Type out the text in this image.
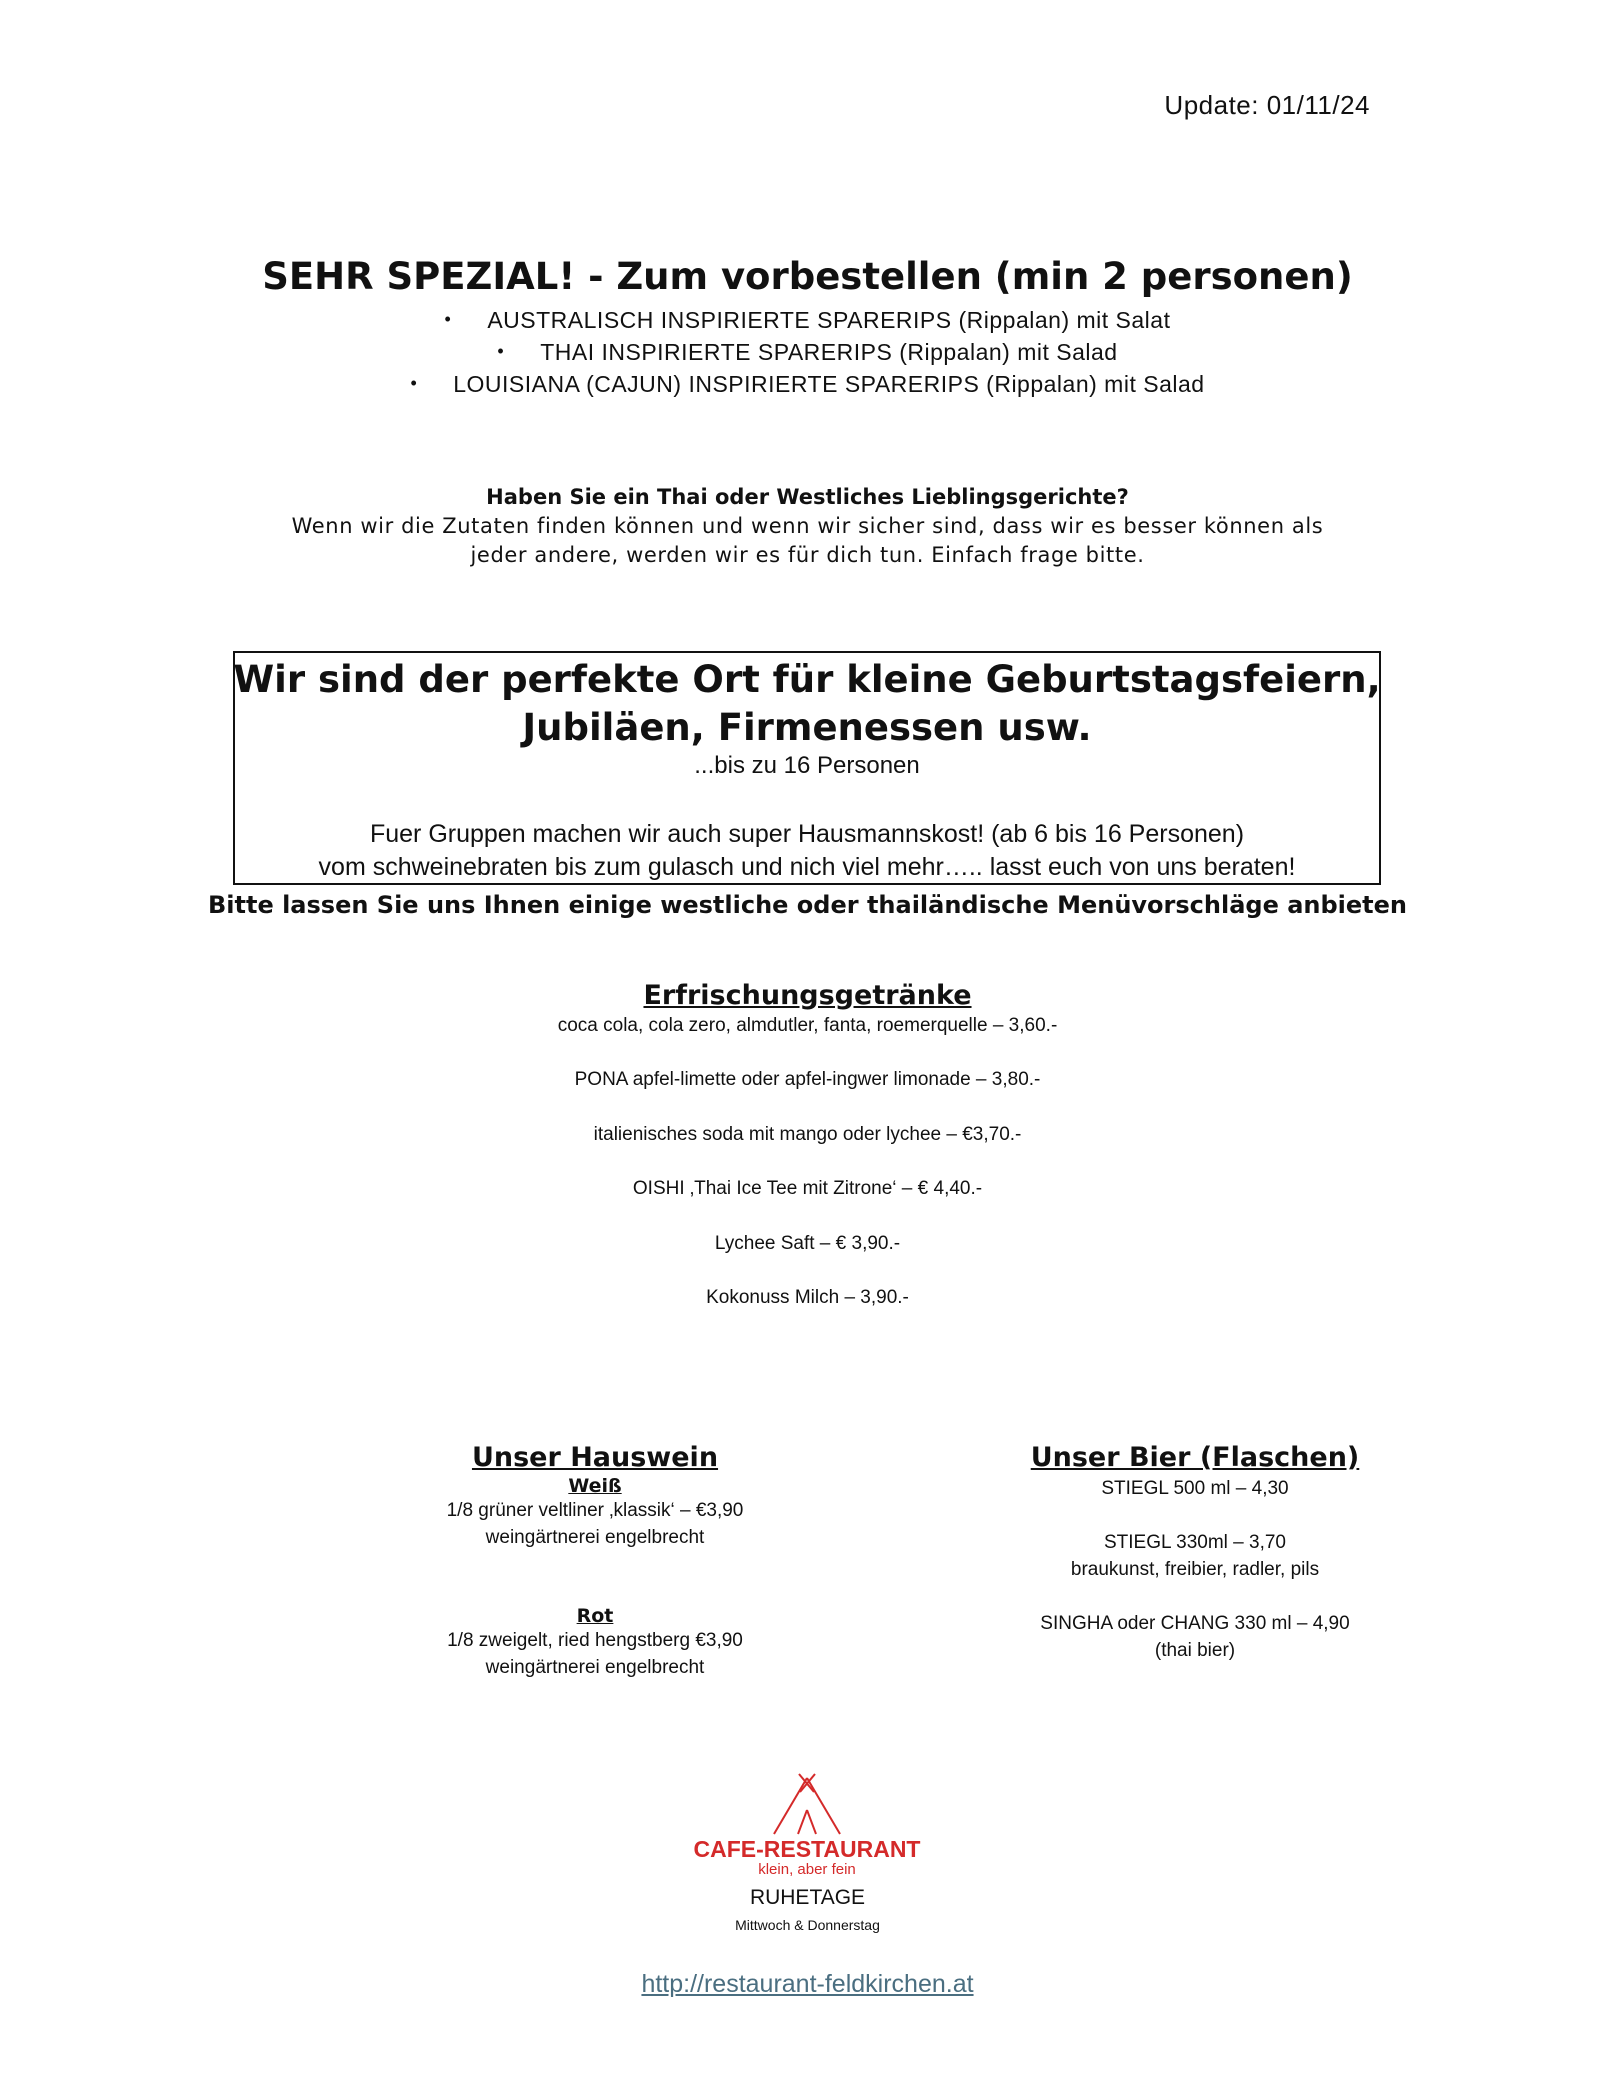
Update: 01/11/24
SEHR SPEZIAL! - Zum vorbestellen (min 2 personen)
• AUSTRALISCH INSPIRIERTE SPARERIPS (Rippalan) mit Salat
• THAI INSPIRIERTE SPARERIPS (Rippalan) mit Salad
• LOUISIANA (CAJUN) INSPIRIERTE SPARERIPS (Rippalan) mit Salad
Haben Sie ein Thai oder Westliches Lieblingsgerichte?
Wenn wir die Zutaten finden können und wenn wir sicher sind, dass wir es besser können als jeder andere, werden wir es für dich tun. Einfach frage bitte.
Wir sind der perfekte Ort für kleine Geburtstagsfeiern,
Jubiläen, Firmenessen usw.
...bis zu 16 Personen
Fuer Gruppen machen wir auch super Hausmannskost! (ab 6 bis 16 Personen)
vom schweinebraten bis zum gulasch und nich viel mehr….. lasst euch von uns beraten!
Bitte lassen Sie uns Ihnen einige westliche oder thailändische Menüvorschläge anbieten
Erfrischungsgetränke
coca cola, cola zero, almdutler, fanta, roemerquelle – 3,60.-
PONA apfel-limette oder apfel-ingwer limonade – 3,80.-
italienisches soda mit mango oder lychee – €3,70.-
OISHI ‚Thai Ice Tee mit Zitrone‘ – € 4,40.-
Lychee Saft – € 3,90.-
Kokonuss Milch – 3,90.-
Unser Hauswein
Weiß
1/8 grüner veltliner ‚klassik‘ – €3,90
weingärtnerei engelbrecht
Rot
1/8 zweigelt, ried hengstberg €3,90
weingärtnerei engelbrecht
Unser Bier (Flaschen)
STIEGL 500 ml – 4,30
STIEGL 330ml – 3,70
braukunst, freibier, radler, pils
SINGHA oder CHANG 330 ml – 4,90
(thai bier)
CAFE-RESTAURANT
klein, aber fein
RUHETAGE
Mittwoch & Donnerstag
http://restaurant-feldkirchen.at
